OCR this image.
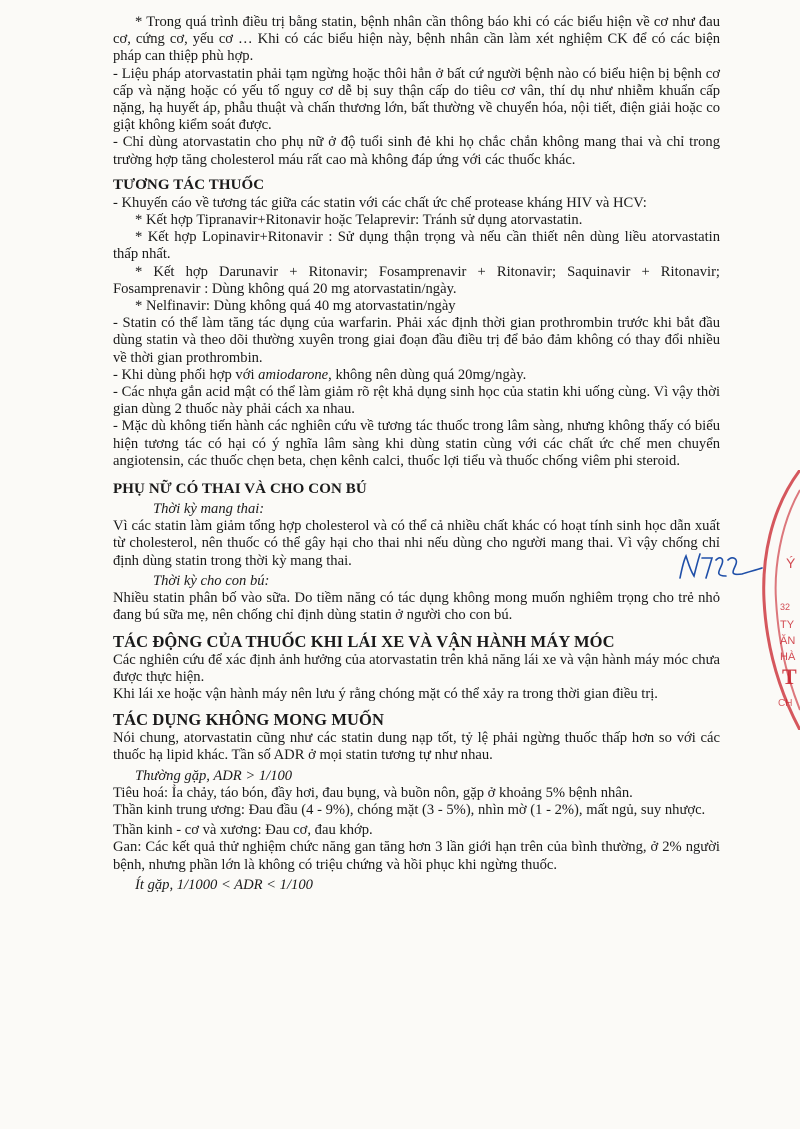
* Trong quá trình điều trị bằng statin, bệnh nhân cần thông báo khi có các biểu hiện về cơ như đau cơ, cứng cơ, yếu cơ … Khi có các biểu hiện này, bệnh nhân cần làm xét nghiệm CK để có các biện pháp can thiệp phù hợp.

- Liệu pháp atorvastatin phải tạm ngừng hoặc thôi hẳn ở bất cứ người bệnh nào có biểu hiện bị bệnh cơ cấp và nặng hoặc có yếu tố nguy cơ dễ bị suy thận cấp do tiêu cơ vân, thí dụ như nhiễm khuẩn cấp nặng, hạ huyết áp, phẫu thuật và chấn thương lớn, bất thường về chuyển hóa, nội tiết, điện giải hoặc co giật không kiểm soát được.

- Chỉ dùng atorvastatin cho phụ nữ ở độ tuổi sinh đẻ khi họ chắc chắn không mang thai và chỉ trong trường hợp tăng cholesterol máu rất cao mà không đáp ứng với các thuốc khác.

TƯƠNG TÁC THUỐC

- Khuyến cáo về tương tác giữa các statin với các chất ức chế protease kháng HIV và HCV:

* Kết hợp Tipranavir+Ritonavir hoặc Telaprevir: Tránh sử dụng atorvastatin.

* Kết hợp Lopinavir+Ritonavir : Sử dụng thận trọng và nếu cần thiết nên dùng liều atorvastatin thấp nhất.

* Kết hợp Darunavir + Ritonavir; Fosamprenavir + Ritonavir; Saquinavir + Ritonavir; Fosamprenavir : Dùng không quá 20 mg atorvastatin/ngày.

* Nelfinavir: Dùng không quá 40 mg atorvastatin/ngày

- Statin có thể làm tăng tác dụng của warfarin. Phải xác định thời gian prothrombin trước khi bắt đầu dùng statin và theo dõi thường xuyên trong giai đoạn đầu điều trị để bảo đảm không có thay đổi nhiều về thời gian prothrombin.

- Khi dùng phối hợp với amiodarone, không nên dùng quá 20mg/ngày.

- Các nhựa gắn acid mật có thể làm giảm rõ rệt khả dụng sinh học của statin khi uống cùng. Vì vậy thời gian dùng 2 thuốc này phải cách xa nhau.

- Mặc dù không tiến hành các nghiên cứu về tương tác thuốc trong lâm sàng, nhưng không thấy có biểu hiện tương tác có hại có ý nghĩa lâm sàng khi dùng statin cùng với các chất ức chế men chuyển angiotensin, các thuốc chẹn beta, chẹn kênh calci, thuốc lợi tiểu và thuốc chống viêm phi steroid.

PHỤ NỮ CÓ THAI VÀ CHO CON BÚ

Thời kỳ mang thai:

Vì các statin làm giảm tổng hợp cholesterol và có thể cả nhiều chất khác có hoạt tính sinh học dẫn xuất từ cholesterol, nên thuốc có thể gây hại cho thai nhi nếu dùng cho người mang thai. Vì vậy chống chỉ định dùng statin trong thời kỳ mang thai.

Thời kỳ cho con bú:

Nhiều statin phân bố vào sữa. Do tiềm năng có tác dụng không mong muốn nghiêm trọng cho trẻ nhỏ đang bú sữa mẹ, nên chống chỉ định dùng statin ở người cho con bú.

TÁC ĐỘNG CỦA THUỐC KHI LÁI XE VÀ VẬN HÀNH MÁY MÓC

Các nghiên cứu để xác định ảnh hưởng của atorvastatin trên khả năng lái xe và vận hành máy móc chưa được thực hiện.

Khi lái xe hoặc vận hành máy nên lưu ý rằng chóng mặt có thể xảy ra trong thời gian điều trị.

TÁC DỤNG KHÔNG MONG MUỐN

Nói chung, atorvastatin cũng như các statin dung nạp tốt, tỷ lệ phải ngừng thuốc thấp hơn so với các thuốc hạ lipid khác. Tần số ADR ở mọi statin tương tự như nhau.

Thường gặp, ADR > 1/100

Tiêu hoá: Ỉa chảy, táo bón, đầy hơi, đau bụng, và buồn nôn, gặp ở khoảng 5% bệnh nhân.

Thần kinh trung ương: Đau đầu (4 - 9%), chóng mặt (3 - 5%), nhìn mờ (1 - 2%), mất ngủ, suy nhược.

Thần kinh - cơ và xương: Đau cơ, đau khớp.

Gan: Các kết quả thử nghiệm chức năng gan tăng hơn 3 lần giới hạn trên của bình thường, ở 2% người bệnh, nhưng phần lớn là không có triệu chứng và hồi phục khi ngừng thuốc.

Ít gặp, 1/1000 < ADR < 1/100

Ý
32
TY
ĂN
HÀ
T
CH
